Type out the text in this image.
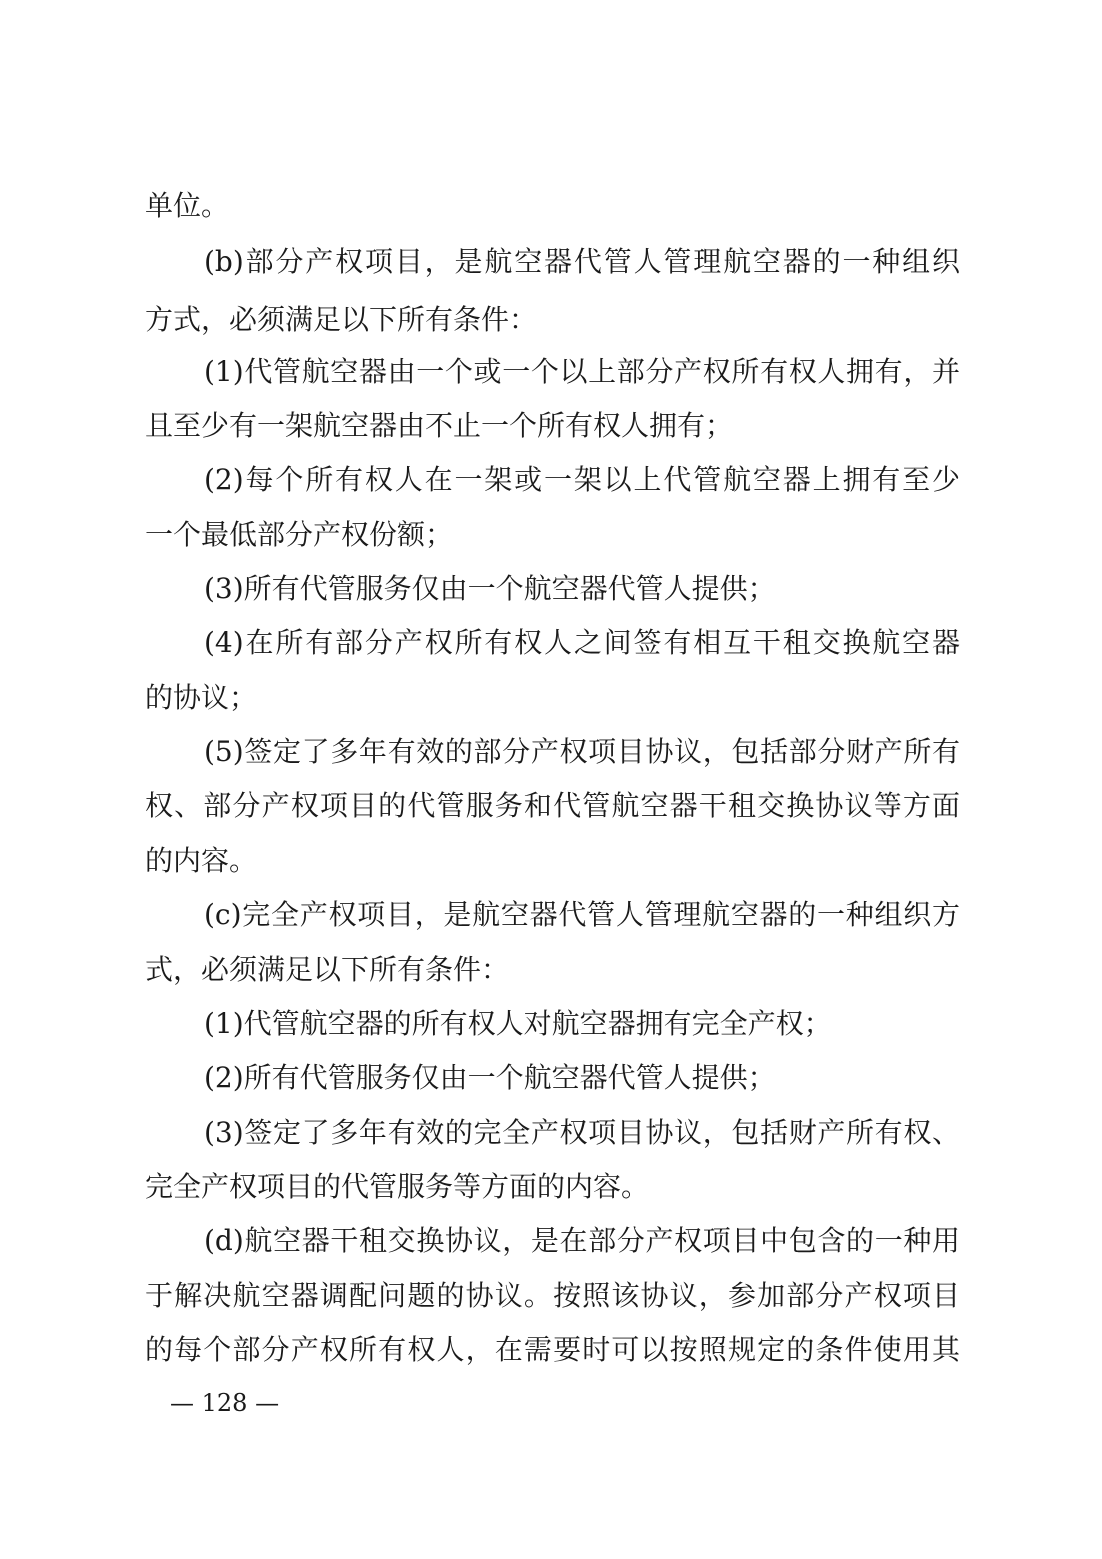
单位。
(b)部分产权项目，是航空器代管人管理航空器的一种组织
方式，必须满足以下所有条件：
(1)代管航空器由一个或一个以上部分产权所有权人拥有，并
且至少有一架航空器由不止一个所有权人拥有；
(2)每个所有权人在一架或一架以上代管航空器上拥有至少
一个最低部分产权份额；
(3)所有代管服务仅由一个航空器代管人提供；
(4)在所有部分产权所有权人之间签有相互干租交换航空器
的协议；
(5)签定了多年有效的部分产权项目协议，包括部分财产所有
权、部分产权项目的代管服务和代管航空器干租交换协议等方面
的内容。
(c)完全产权项目，是航空器代管人管理航空器的一种组织方
式，必须满足以下所有条件：
(1)代管航空器的所有权人对航空器拥有完全产权；
(2)所有代管服务仅由一个航空器代管人提供；
(3)签定了多年有效的完全产权项目协议，包括财产所有权、
完全产权项目的代管服务等方面的内容。
(d)航空器干租交换协议，是在部分产权项目中包含的一种用
于解决航空器调配问题的协议。按照该协议，参加部分产权项目
的每个部分产权所有权人，在需要时可以按照规定的条件使用其
— 128 —
